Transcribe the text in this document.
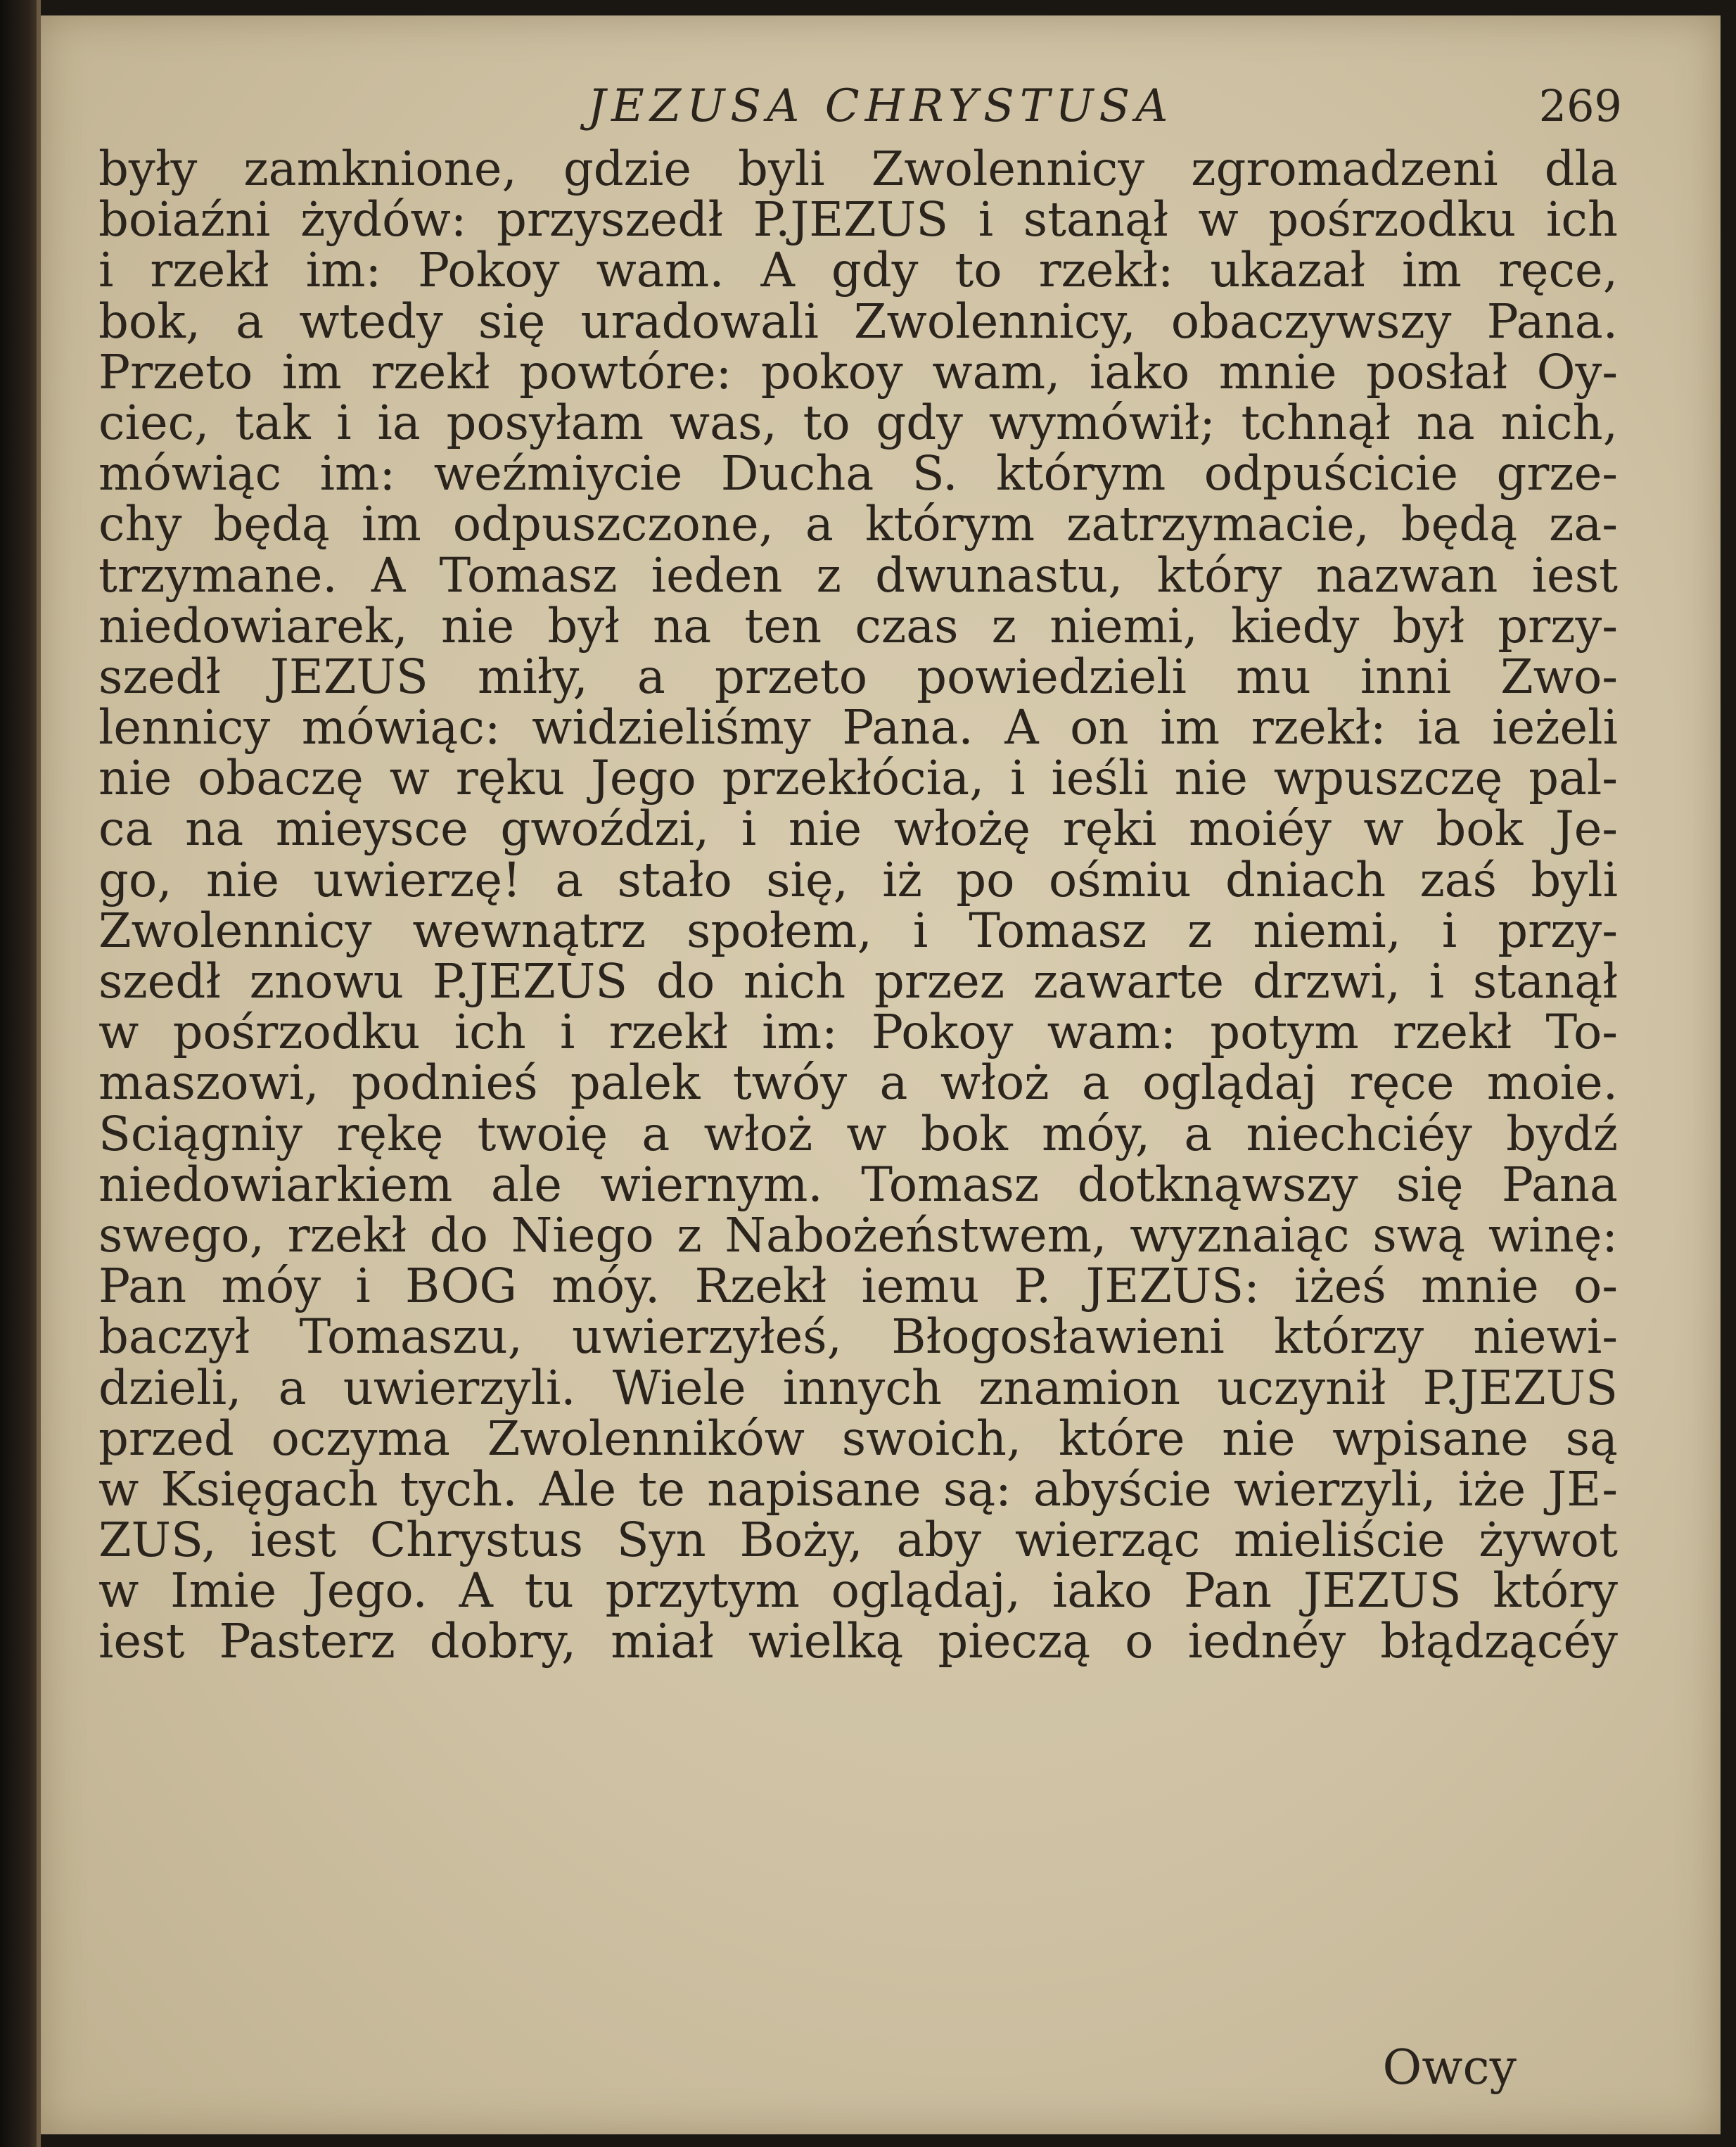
JEZUSA CHRYSTUSA	269
były zamknione, gdzie byli Zwolennicy zgromadzeni dla
boiaźni żydów: przyszedł P.JEZUS i stanął w pośrzodku ich
i rzekł im: Pokoy wam. A gdy to rzekł: ukazał im ręce,
bok, a wtedy się uradowali Zwolennicy, obaczywszy Pana.
Przeto im rzekł powtóre: pokoy wam, iako mnie posłał Oy-
ciec, tak i ia posyłam was, to gdy wymówił; tchnął na nich,
mówiąc im: weźmiycie Ducha S. którym odpuścicie grze-
chy będą im odpuszczone, a którym zatrzymacie, będą za-
trzymane. A Tomasz ieden z dwunastu, który nazwan iest
niedowiarek, nie był na ten czas z niemi, kiedy był przy-
szedł JEZUS miły, a przeto powiedzieli mu inni Zwo-
lennicy mówiąc: widzieliśmy Pana. A on im rzekł: ia ieżeli
nie obaczę w ręku Jego przekłócia, i ieśli nie wpuszczę pal-
ca na mieysce gwoździ, i nie włożę ręki moiéy w bok Je-
go, nie uwierzę! a stało się, iż po ośmiu dniach zaś byli
Zwolennicy wewnątrz społem, i Tomasz z niemi, i przy-
szedł znowu P.JEZUS do nich przez zawarte drzwi, i stanął
w pośrzodku ich i rzekł im: Pokoy wam: potym rzekł To-
maszowi, podnieś palek twóy a włoż a oglądaj ręce moie.
Sciągniy rękę twoię a włoż w bok móy, a niechciéy bydź
niedowiarkiem ale wiernym. Tomasz dotknąwszy się Pana
swego, rzekł do Niego z Nabożeństwem, wyznaiąc swą winę:
Pan móy i BOG móy. Rzekł iemu P. JEZUS: iżeś mnie o-
baczył Tomaszu, uwierzyłeś, Błogosławieni którzy niewi-
dzieli, a uwierzyli. Wiele innych znamion uczynił P.JEZUS
przed oczyma Zwolenników swoich, które nie wpisane są
w Księgach tych. Ale te napisane są: abyście wierzyli, iże JE-
ZUS, iest Chrystus Syn Boży, aby wierząc mieliście żywot
w Imie Jego. A tu przytym oglądaj, iako Pan JEZUS który
iest Pasterz dobry, miał wielką pieczą o iednéy błądzącéy
Owcy
